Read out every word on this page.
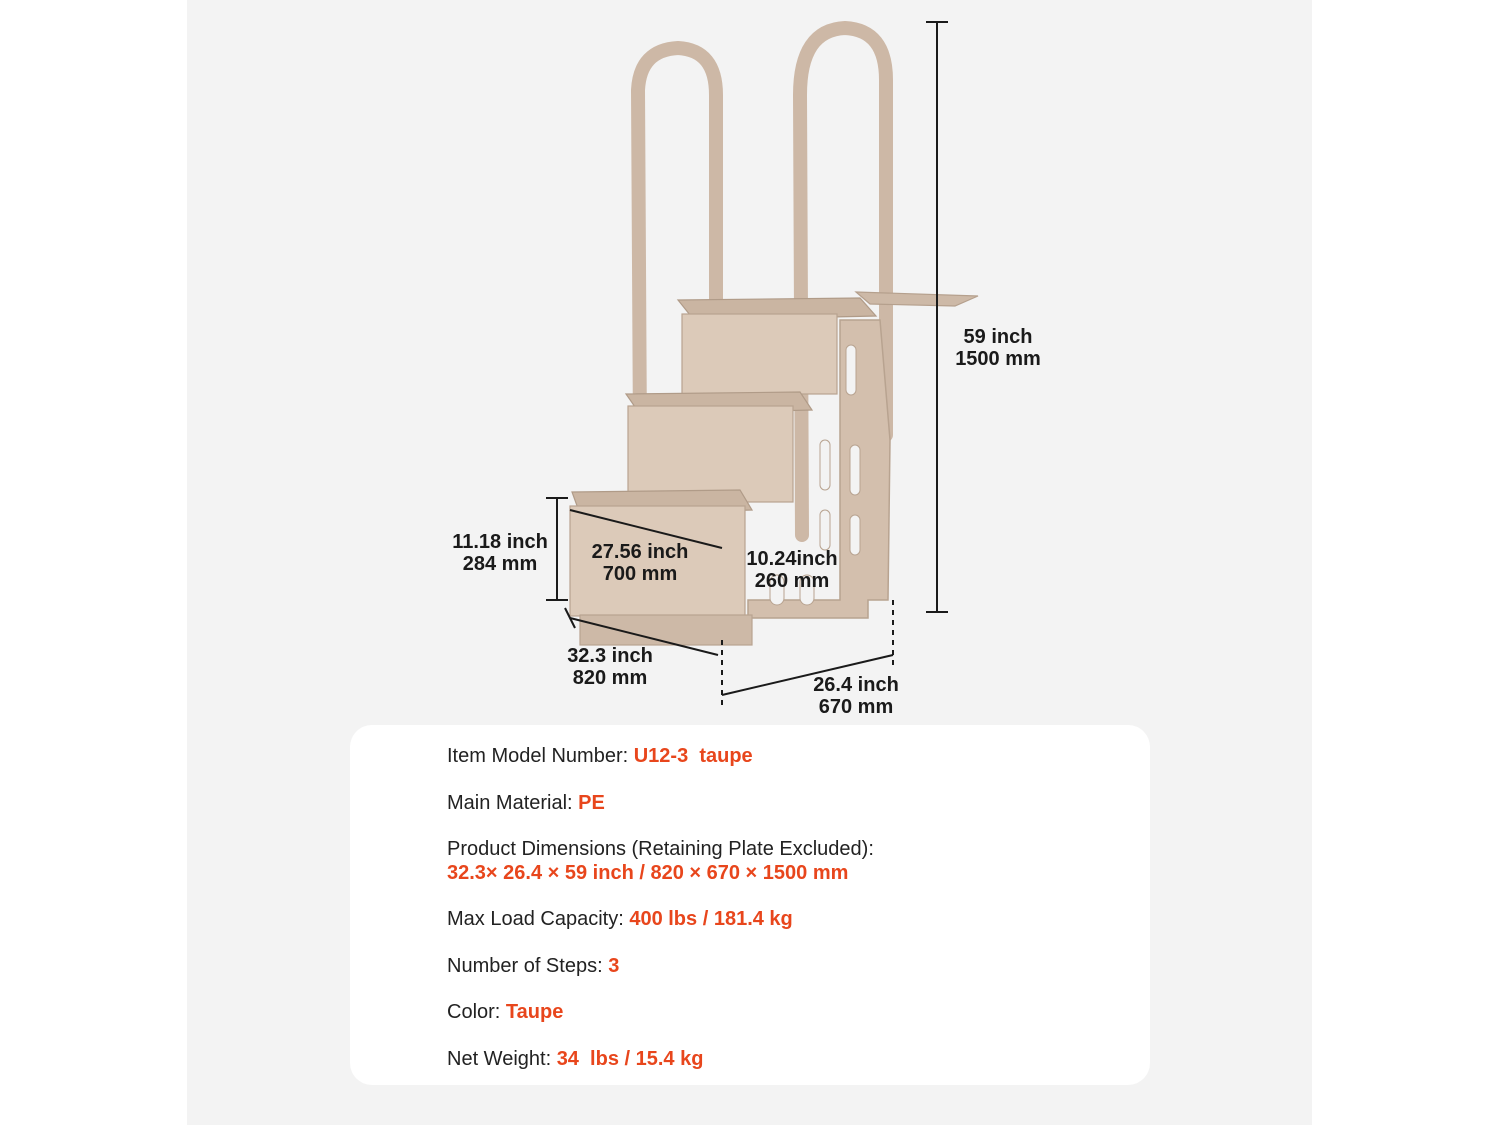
59 inch
1500 mm
11.18 inch
284 mm
27.56 inch
700 mm
10.24inch
260 mm
32.3 inch
820 mm	26.4 inch
670 mm
Item Model Number: U12-3  taupe
Main Material: PE
Product Dimensions (Retaining Plate Excluded):
32.3× 26.4 × 59 inch / 820 × 670 × 1500 mm
Max Load Capacity: 400 lbs / 181.4 kg
Number of Steps: 3
Color: Taupe
Net Weight: 34  lbs / 15.4 kg
